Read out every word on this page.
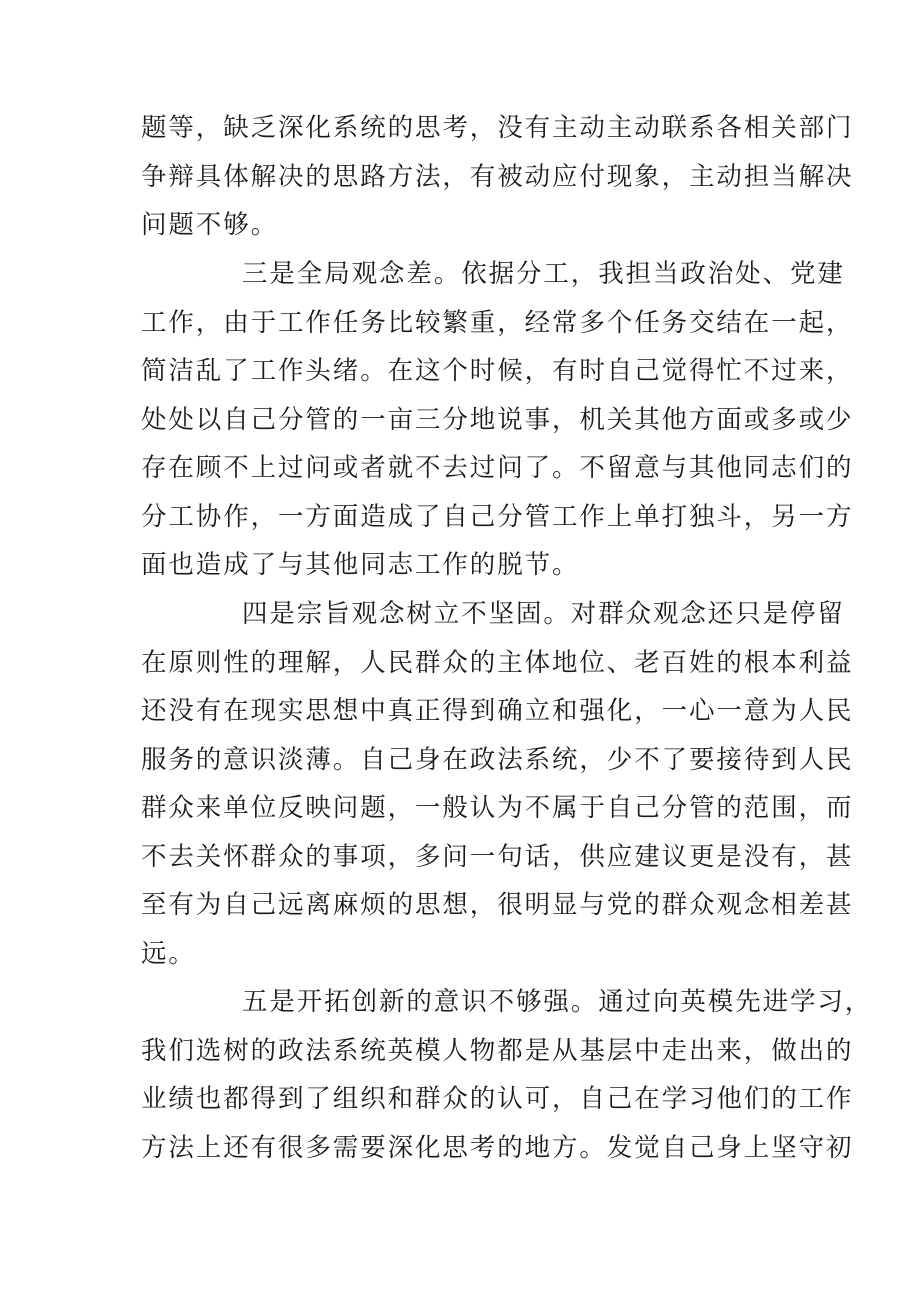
题等，缺乏深化系统的思考，没有主动主动联系各相关部门
争辩具体解决的思路方法，有被动应付现象，主动担当解决
问题不够。
三是全局观念差。依据分工，我担当政治处、党建
工作，由于工作任务比较繁重，经常多个任务交结在一起，
简洁乱了工作头绪。在这个时候，有时自己觉得忙不过来，
处处以自己分管的一亩三分地说事，机关其他方面或多或少
存在顾不上过问或者就不去过问了。不留意与其他同志们的
分工协作，一方面造成了自己分管工作上单打独斗，另一方
面也造成了与其他同志工作的脱节。
四是宗旨观念树立不坚固。对群众观念还只是停留
在原则性的理解，人民群众的主体地位、老百姓的根本利益
还没有在现实思想中真正得到确立和强化，一心一意为人民
服务的意识淡薄。自己身在政法系统，少不了要接待到人民
群众来单位反映问题，一般认为不属于自己分管的范围，而
不去关怀群众的事项，多问一句话，供应建议更是没有，甚
至有为自己远离麻烦的思想，很明显与党的群众观念相差甚
远。
五是开拓创新的意识不够强。通过向英模先进学习，
我们选树的政法系统英模人物都是从基层中走出来，做出的
业绩也都得到了组织和群众的认可，自己在学习他们的工作
方法上还有很多需要深化思考的地方。发觉自己身上坚守初
